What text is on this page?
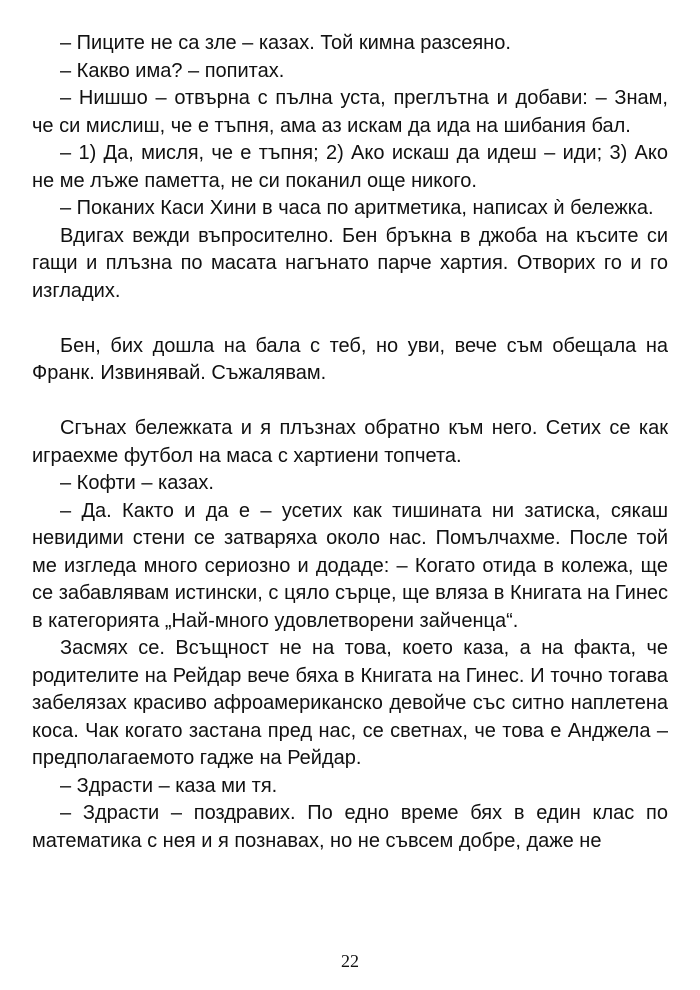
– Пиците не са зле – казах. Той кимна разсеяно.

– Какво има? – попитах.

– Нишшо – отвърна с пълна уста, преглътна и добави: – Знам, че си мислиш, че е тъпня, ама аз искам да ида на шибания бал.

– 1) Да, мисля, че е тъпня; 2) Ако искаш да идеш – иди; 3) Ако не ме лъже паметта, не си поканил още никого.

– Поканих Каси Хини в часа по аритметика, написах ѝ бележка.

Вдигах вежди въпросително. Бен бръкна в джоба на късите си гащи и плъзна по масата нагънато парче хартия. Отворих го и го изгладих.

Бен, бих дошла на бала с теб, но уви, вече съм обещала на Франк. Извинявай. Съжалявам.

Сгънах бележката и я плъзнах обратно към него. Сетих се как играехме футбол на маса с хартиени топчета.

– Кофти – казах.

– Да. Както и да е – усетих как тишината ни затиска, сякаш невидими стени се затваряха около нас. Помълчахме. После той ме изгледа много сериозно и додаде: – Когато отида в колежа, ще се забавлявам истински, с цяло сърце, ще вляза в Книгата на Гинес в категорията „Най-много удовлетворени зайченца“.

Засмях се. Всъщност не на това, което каза, а на факта, че родителите на Рейдар вече бяха в Книгата на Гинес. И точно тогава забелязах красиво афроамериканско девойче със ситно наплетена коса. Чак когато застана пред нас, се светнах, че това е Анджела – предполагаемото гадже на Рейдар.

– Здрасти – каза ми тя.

– Здрасти – поздравих. По едно време бях в един клас по математика с нея и я познавах, но не съвсем добре, даже не

22
